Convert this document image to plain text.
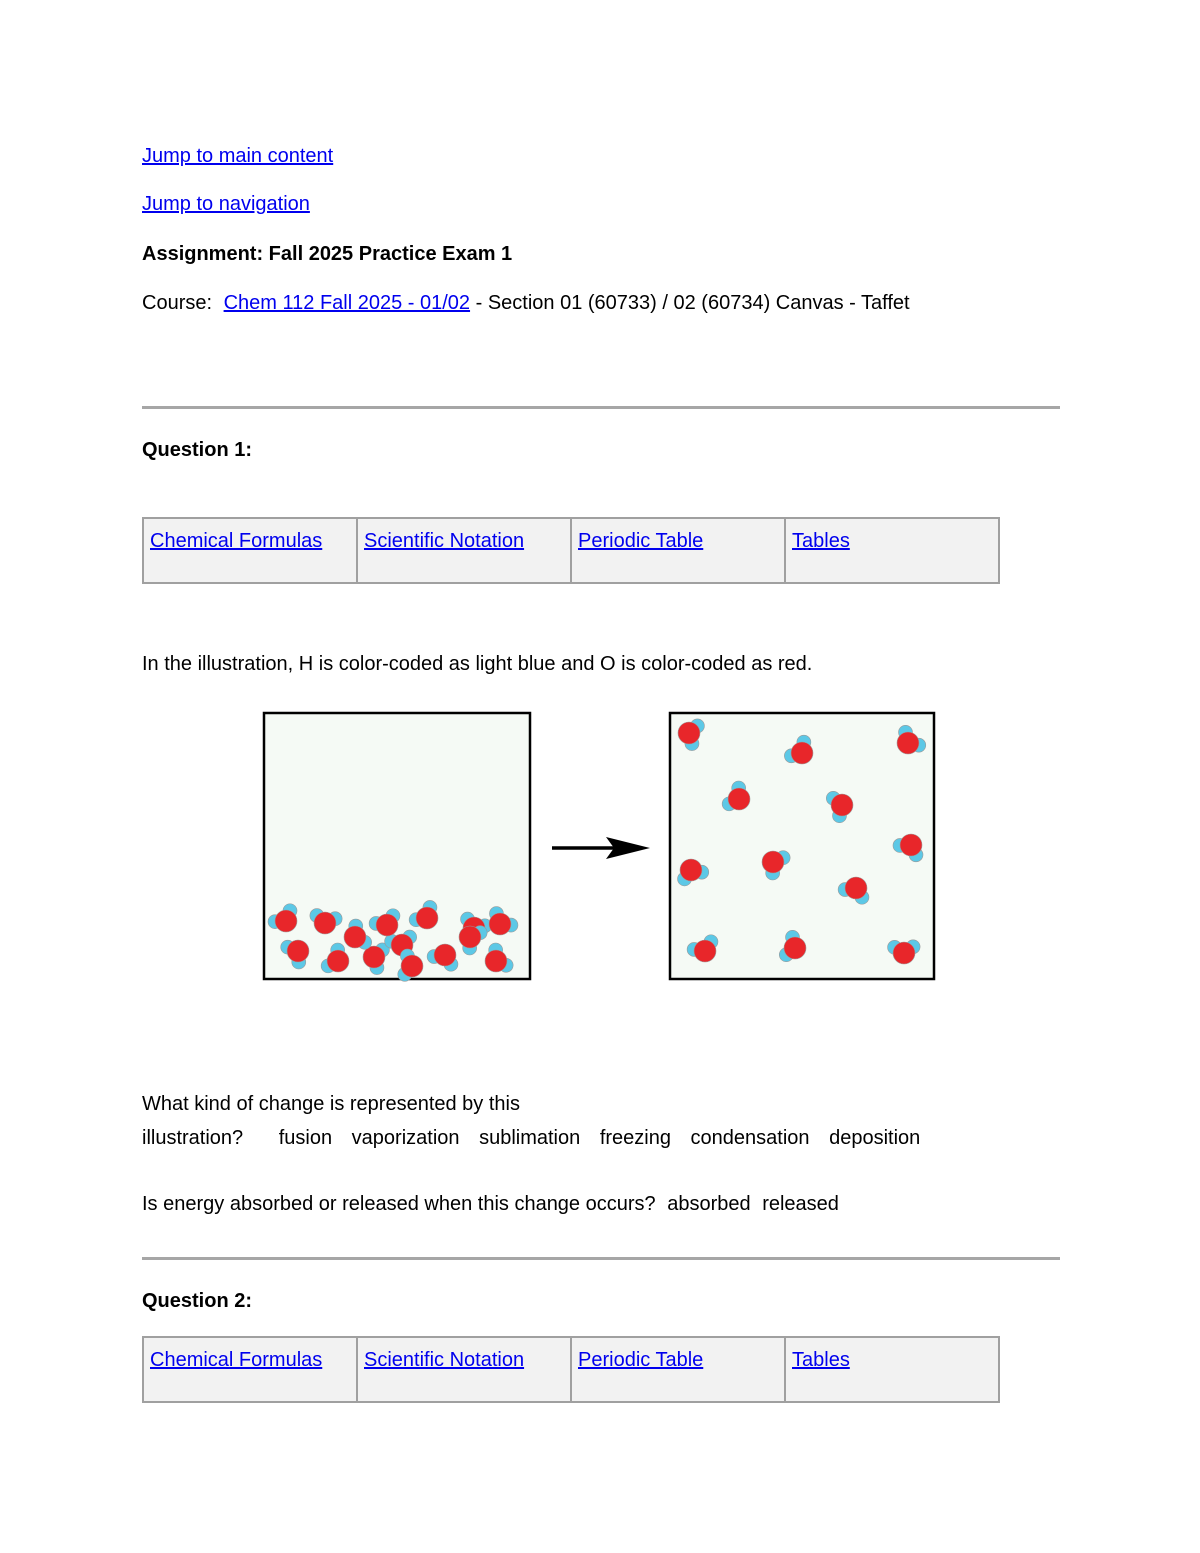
Jump to main content
Jump to navigation
Assignment: Fall 2025 Practice Exam 1
Course: Chem 112 Fall 2025 - 01/02 - Section 01 (60733) / 02 (60734) Canvas - Taffet
Question 1:
Chemical Formulas	Scientific Notation	Periodic Table	Tables
In the illustration, H is color-coded as light blue and O is color-coded as red.
What kind of change is represented by this
illustration? fusion vaporization sublimation freezing condensation deposition
Is energy absorbed or released when this change occurs? absorbed released
Question 2:
Chemical Formulas	Scientific Notation	Periodic Table	Tables
